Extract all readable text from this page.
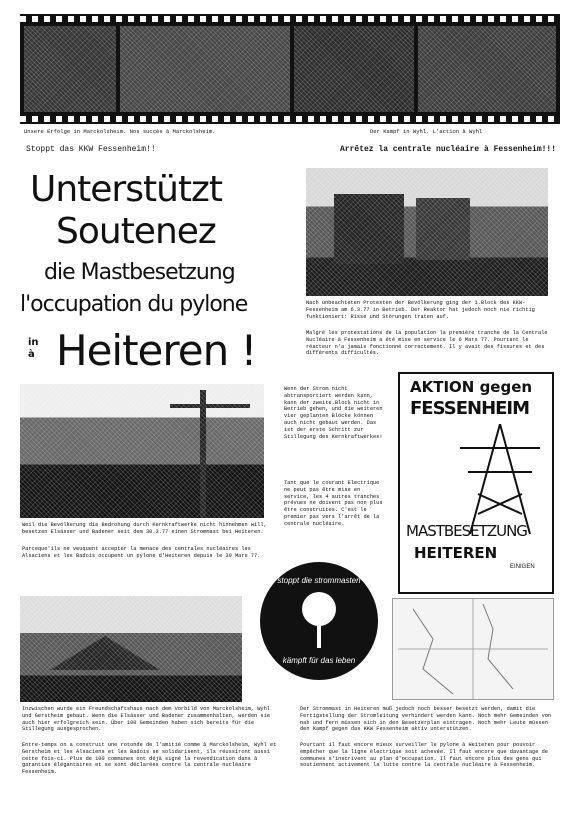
Unsere Erfolge in Marckolsheim. Nos succès à Marckolsheim.	Der Kampf in Wyhl. L'action à Wyhl
Stoppt das KKW Fessenheim!!	Arrêtez la centrale nucléaire à Fessenheim!!!
Unterstützt
Soutenez
die Mastbesetzung
l'occupation du pylone
in
à Heiteren !
Nach unbeachteten Protesten der Bevölkerung ging der 1.Block des KKW-Fessenheim am 6.3.77 in Betrieb. Der Reaktor hat jedoch noch nie richtig funktioniert: Risse und Störungen traten auf.
Malgré les protestations de la population la première tranche de la Centrale Nucléaire à Fessenheim a été mise en service le 6 Mars 77. Pourtant le réacteur n'a jamais fonctionné correctement. Il y avait des fissures et des différents difficultés.
Weil die Bevölkerung die Bedrohung durch Kernkraftwerke nicht hinnehmen will, besetzen Elsässer und Badener seit dem 30.3.77 einen Strommast bei Heiteren.
Parceque'ils ne veuquent accepter la menace des centrales nucléaires les Alsaciens et les Badois occupent un pylone d'Heiteren depuis le 30 Mars 77.
Wenn der Strom nicht abtransportiert werden kann, kann der zweite.Block nicht in Betrieb gehen, und die weiteren vier geplanten Blöcke können auch nicht gebaut werden. Das ist der erste Schritt zur Stillegung des Kernkraftwerkes!
Tant que le courant Electrique ne peut pas être mise en service, les 4 autres tranches prévues ne doivent pas non plus être construites. C'est le premier pas vers l'arrêt de la centrale nucléaire.
AKTION gegen
FESSENHEIM
MASTBESETZUNG
HEITEREN
EINIGEN
Inzwischen wurde ein Freundschaftshaus nach dem Vorbild von Marckolsheim, Wyhl und Gerstheim gebaut. Wenn die Elsässer und Badener zusammenhalten, werden sie auch hier erfolgreich sein. Über 100 Gemeinden haben sich bereits für die Stillegung ausgesprochen.
Entre-temps on a construit une rotonde de l'amitié comme à Marckolsheim, Wyhl et Gerstheim et les Alsaciens et les Badois se solidarisent, ils réussiront aussi cette fois-ci. Plus de 100 communes ont déjà signé la revendication dans à garanties élégantaires et se sont déclarées contre la centrale nucléaire Fessenheim.
stoppt die strommasten
kämpft für das leben
Der Strommast in Heiteren muß jedoch noch besser besetzt werden, damit die Fertigstellung der Stromleitung verhindert werden kann. Noch mehr Gemeinden von nah und fern müssen sich in den Besetzerplan eintragen. Noch mehr Leute müssen den Kampf gegen das KKW Fessenheim aktiv unterstützen.
Pourtant il faut encore mieux surveiller le pylone à Heiteren pour pouvoir empêcher que la ligne électrique soit achevée. Il faut encore que davantage de communes s'inscrivent au plan d'occupation. Il faut encore plus des gens qui soutiennent activement la lutte contre la centrale nucléaire à Fessenheim.
